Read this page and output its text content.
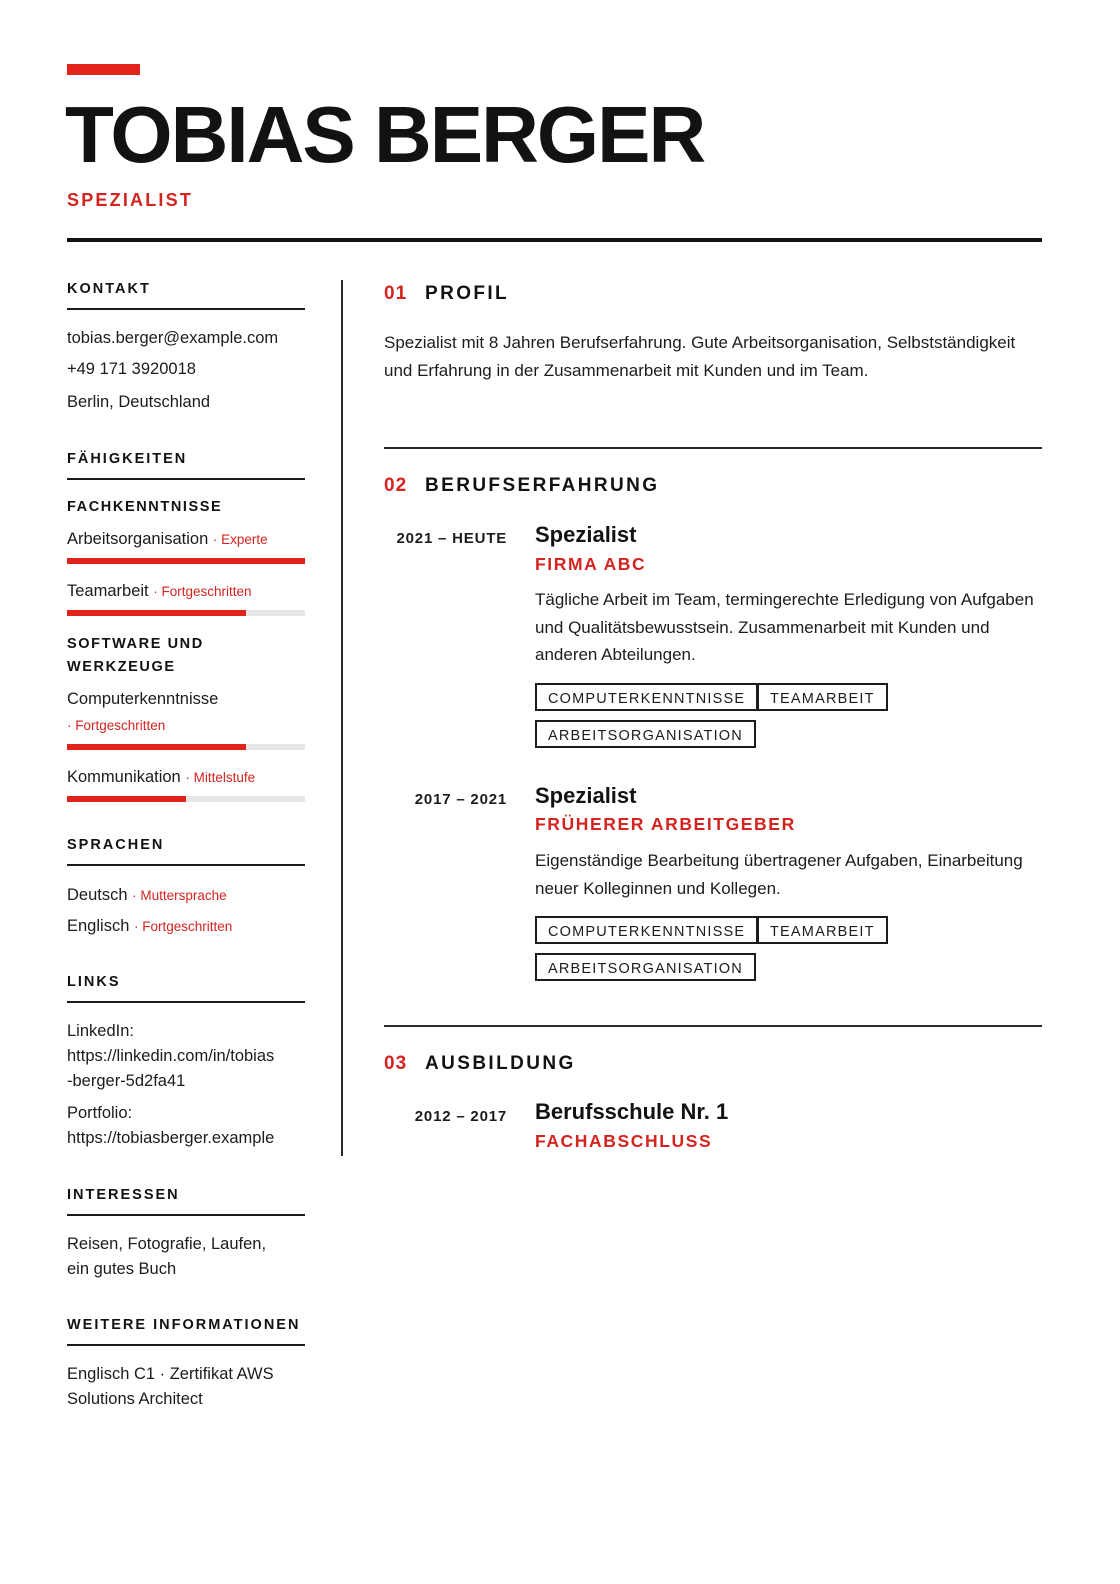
TOBIAS BERGER
SPEZIALIST
KONTAKT
tobias.berger@example.com
+49 171 3920018
Berlin, Deutschland
FÄHIGKEITEN
FACHKENNTNISSE
Arbeitsorganisation · Experte
Teamarbeit · Fortgeschritten
SOFTWARE UND
WERKZEUGE
Computerkenntnisse
· Fortgeschritten
Kommunikation · Mittelstufe
SPRACHEN
Deutsch · Muttersprache
Englisch · Fortgeschritten
LINKS
LinkedIn:
https://linkedin.com/in/tobias
-berger-5d2fa41
Portfolio:
https://tobiasberger.example
INTERESSEN
Reisen, Fotografie, Laufen,
ein gutes Buch
WEITERE INFORMATIONEN
Englisch C1 · Zertifikat AWS
Solutions Architect
01 PROFIL
Spezialist mit 8 Jahren Berufserfahrung. Gute Arbeitsorganisation, Selbstständigkeit und Erfahrung in der Zusammenarbeit mit Kunden und im Team.
02 BERUFSERFAHRUNG
2021 – HEUTE Spezialist
FIRMA ABC
Tägliche Arbeit im Team, termingerechte Erledigung von Aufgaben und Qualitätsbewusstsein. Zusammenarbeit mit Kunden und anderen Abteilungen.
COMPUTERKENNTNISSE	TEAMARBEIT
ARBEITSORGANISATION
2017 – 2021 Spezialist
FRÜHERER ARBEITGEBER
Eigenständige Bearbeitung übertragener Aufgaben, Einarbeitung neuer Kolleginnen und Kollegen.
COMPUTERKENNTNISSE	TEAMARBEIT
ARBEITSORGANISATION
03 AUSBILDUNG
2012 – 2017 Berufsschule Nr. 1
FACHABSCHLUSS
